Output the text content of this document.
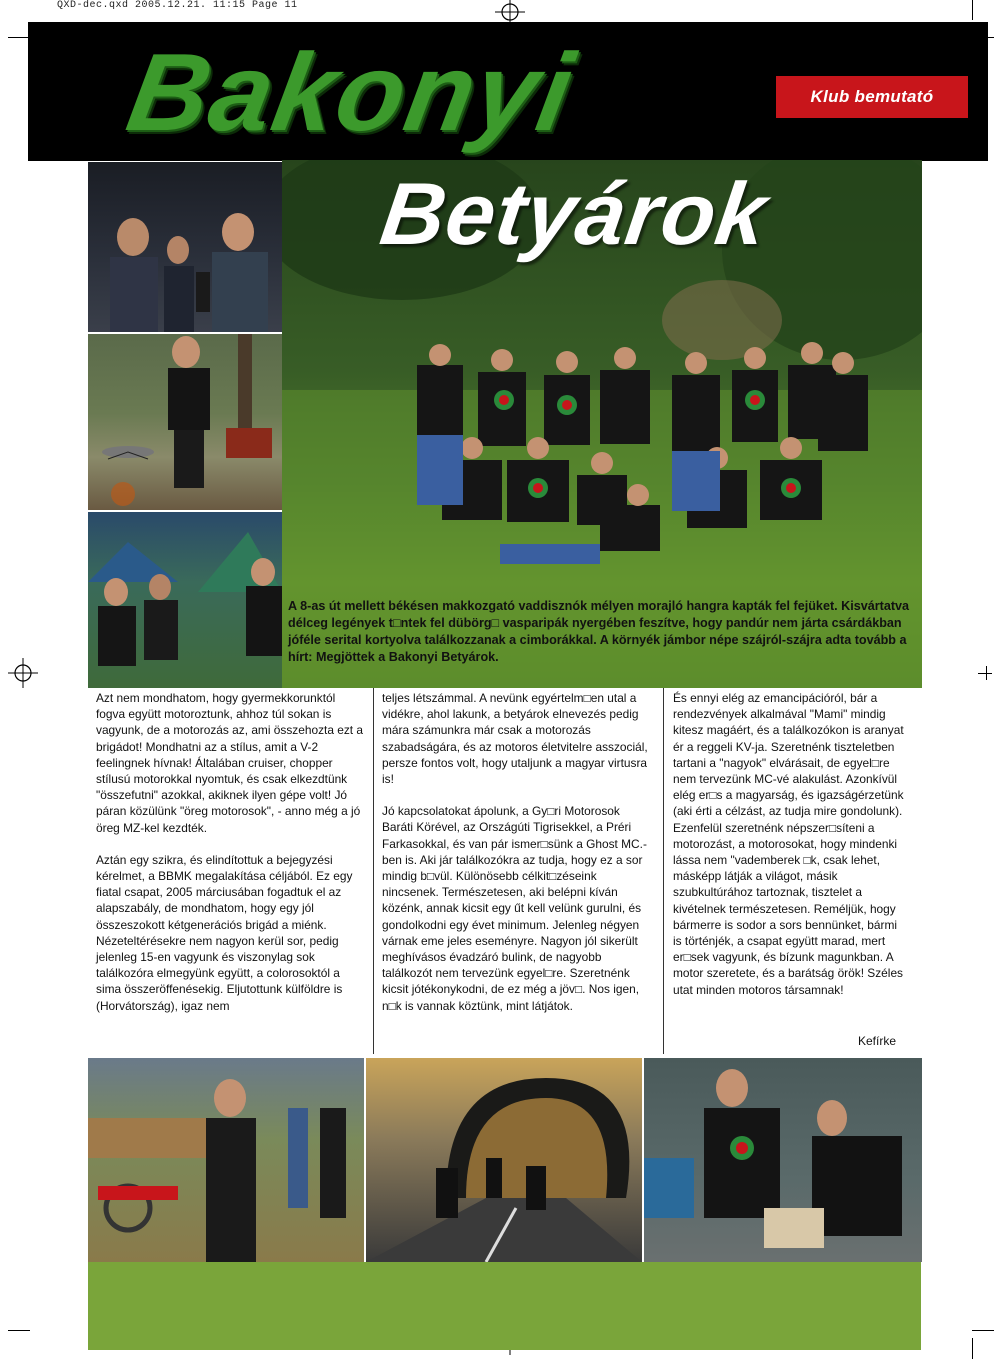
QXD-dec.qxd 2005.12.21. 11:15 Page 11
Bakonyi	Klub bemutató
Betyárok
A 8-as út mellett békésen makkozgató vaddisznók mélyen morajló hangra kapták fel fejüket. Kisvártatva délceg legények t□ntek fel dübörg□ vasparipák nyergében feszítve, hogy pandúr nem járta csárdákban jóféle serital kortyolva találkozzanak a cimborákkal. A környék jámbor népe szájról-szájra adta tovább a hírt: Megjöttek a Bakonyi Betyárok.

Azt nem mondhatom, hogy gyermekkorunktól fogva együtt motoroztunk, ahhoz túl sokan is vagyunk, de a motorozás az, ami összehozta ezt a brigádot! Mondhatni az a stílus, amit a V-2 feelingnek hívnak! Általában cruiser, chopper stílusú motorokkal nyomtuk, és csak elkezdtünk "összefutni" azokkal, akiknek ilyen gépe volt! Jó páran közülünk "öreg motorosok", - anno még a jó öreg MZ-kel kezdték.

Aztán egy szikra, és elindítottuk a bejegyzési kérelmet, a BBMK megalakítása céljából. Ez egy fiatal csapat, 2005 márciusában fogadtuk el az alapszabály, de mondhatom, hogy egy jól összeszokott kétgenerációs brigád a miénk. Nézeteltérésekre nem nagyon kerül sor, pedig jelenleg 15-en vagyunk és viszonylag sok találkozóra elmegyünk együtt, a colorosoktól a sima összeröffenésekig. Eljutottunk külföldre is (Horvátország), igaz nem

teljes létszámmal. A nevünk egyértelm□en utal a vidékre, ahol lakunk, a betyárok elnevezés pedig mára számunkra már csak a motorozás szabadságára, és az motoros életvitelre asszociál, persze fontos volt, hogy utaljunk a magyar virtusra is!

Jó kapcsolatokat ápolunk, a Gy□ri Motorosok Baráti Körével, az Országúti Tigrisekkel, a Préri Farkasokkal, és van pár ismer□sünk a Ghost MC.-ben is. Aki jár találkozókra az tudja, hogy ez a sor mindig b□vül. Különösebb célkit□zéseink nincsenek. Természetesen, aki belépni kíván közénk, annak kicsit egy űt kell velünk gurulni, és gondolkodni egy évet minimum. Jelenleg négyen várnak eme jeles eseményre. Nagyon jól sikerült meghívásos évadzáró bulink, de nagyobb találkozót nem tervezünk egyel□re. Szeretnénk kicsit jótékonykodni, de ez még a jöv□. Nos igen, n□k is vannak köztünk, mint látjátok.

És ennyi elég az emancipációról, bár a rendezvények alkalmával "Mami" mindig kitesz magáért, és a találkozókon is aranyat ér a reggeli KV-ja. Szeretnénk tiszteletben tartani a "nagyok" elvárásait, de egyel□re nem tervezünk MC-vé alakulást. Azonkívül elég er□s a magyarság, és igazságérzetünk (aki érti a célzást, az tudja mire gondolunk). Ezenfelül szeretnénk népszer□síteni a motorozást, a motorosokat, hogy mindenki lássa nem "vademberek □k, csak lehet, másképp látják a világot, másik szubkultúrához tartoznak, tisztelet a kivételnek természetesen. Reméljük, hogy bármerre is sodor a sors bennünket, bármi is történjék, a csapat együtt marad, mert er□sek vagyunk, és bízunk magunkban. A motor szeretete, és a barátság örök! Széles utat minden motoros társamnak!

Kefírke
